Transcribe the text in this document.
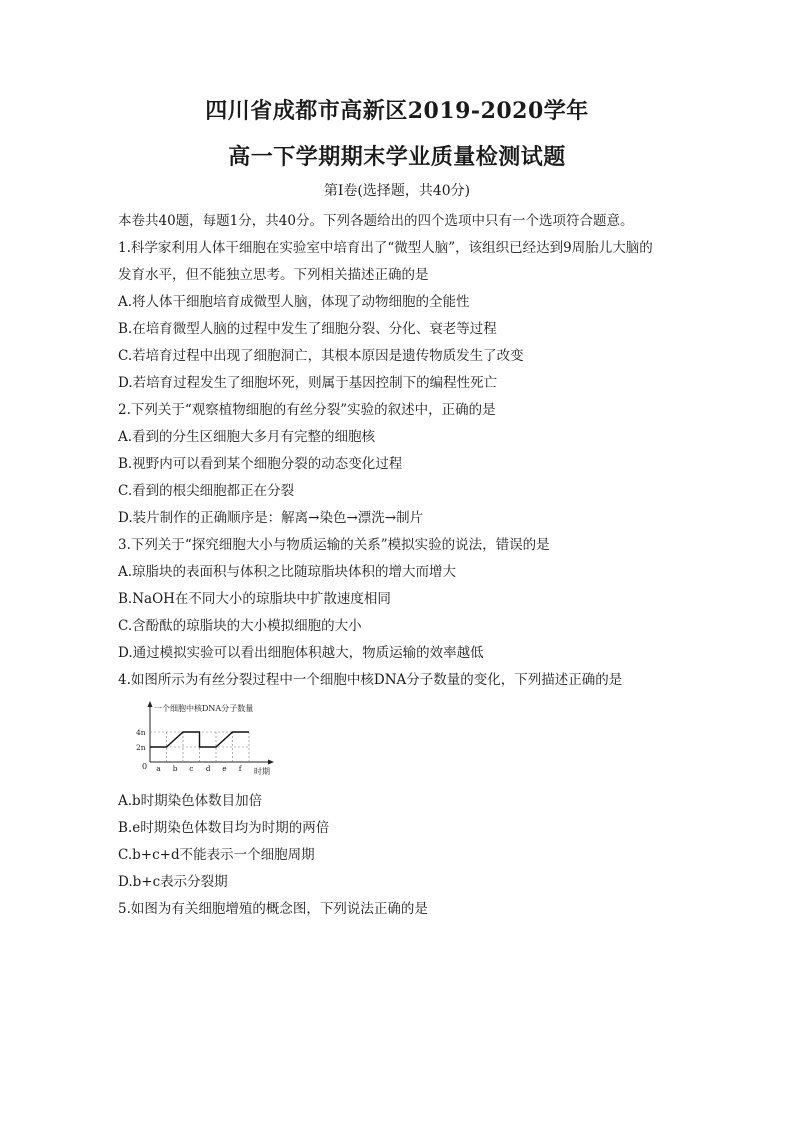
四川省成都市高新区2019-2020学年
高一下学期期末学业质量检测试题
第Ⅰ卷(选择题，共40分)
本卷共40题，每题1分，共40分。下列各题给出的四个选项中只有一个选项符合题意。
1.科学家利用人体干细胞在实验室中培育出了“微型人脑”，该组织已经达到9周胎儿大脑的
发育水平，但不能独立思考。下列相关描述正确的是
A.将人体干细胞培育成微型人脑，体现了动物细胞的全能性
B.在培育微型人脑的过程中发生了细胞分裂、分化、衰老等过程
C.若培育过程中出现了细胞洞亡，其根本原因是遗传物质发生了改变
D.若培育过程发生了细胞坏死，则属于基因控制下的编程性死亡
2.下列关于“观察植物细胞的有丝分裂”实验的叙述中，正确的是
A.看到的分生区细胞大多月有完整的细胞核
B.视野内可以看到某个细胞分裂的动态变化过程
C.看到的根尖细胞都正在分裂
D.装片制作的正确顺序是：解离→染色→漂洗→制片
3.下列关于“探究细胞大小与物质运输的关系”模拟实验的说法，错误的是
A.琼脂块的表面积与体积之比随琼脂块体积的增大而增大
B.NaOH在不同大小的琼脂块中扩散速度相同
C.含酚酞的琼脂块的大小模拟细胞的大小
D.通过模拟实验可以看出细胞体积越大，物质运输的效率越低
4.如图所示为有丝分裂过程中一个细胞中核DNA分子数量的变化，下列描述正确的是
一个细胞中核DNA分子数量
0
时期
2n
4n
a b c d e f
A.b时期染色体数目加倍
B.e时期染色体数目均为时期的两倍
C.b+c+d不能表示一个细胞周期
D.b+c表示分裂期
5.如图为有关细胞增殖的概念图，下列说法正确的是
